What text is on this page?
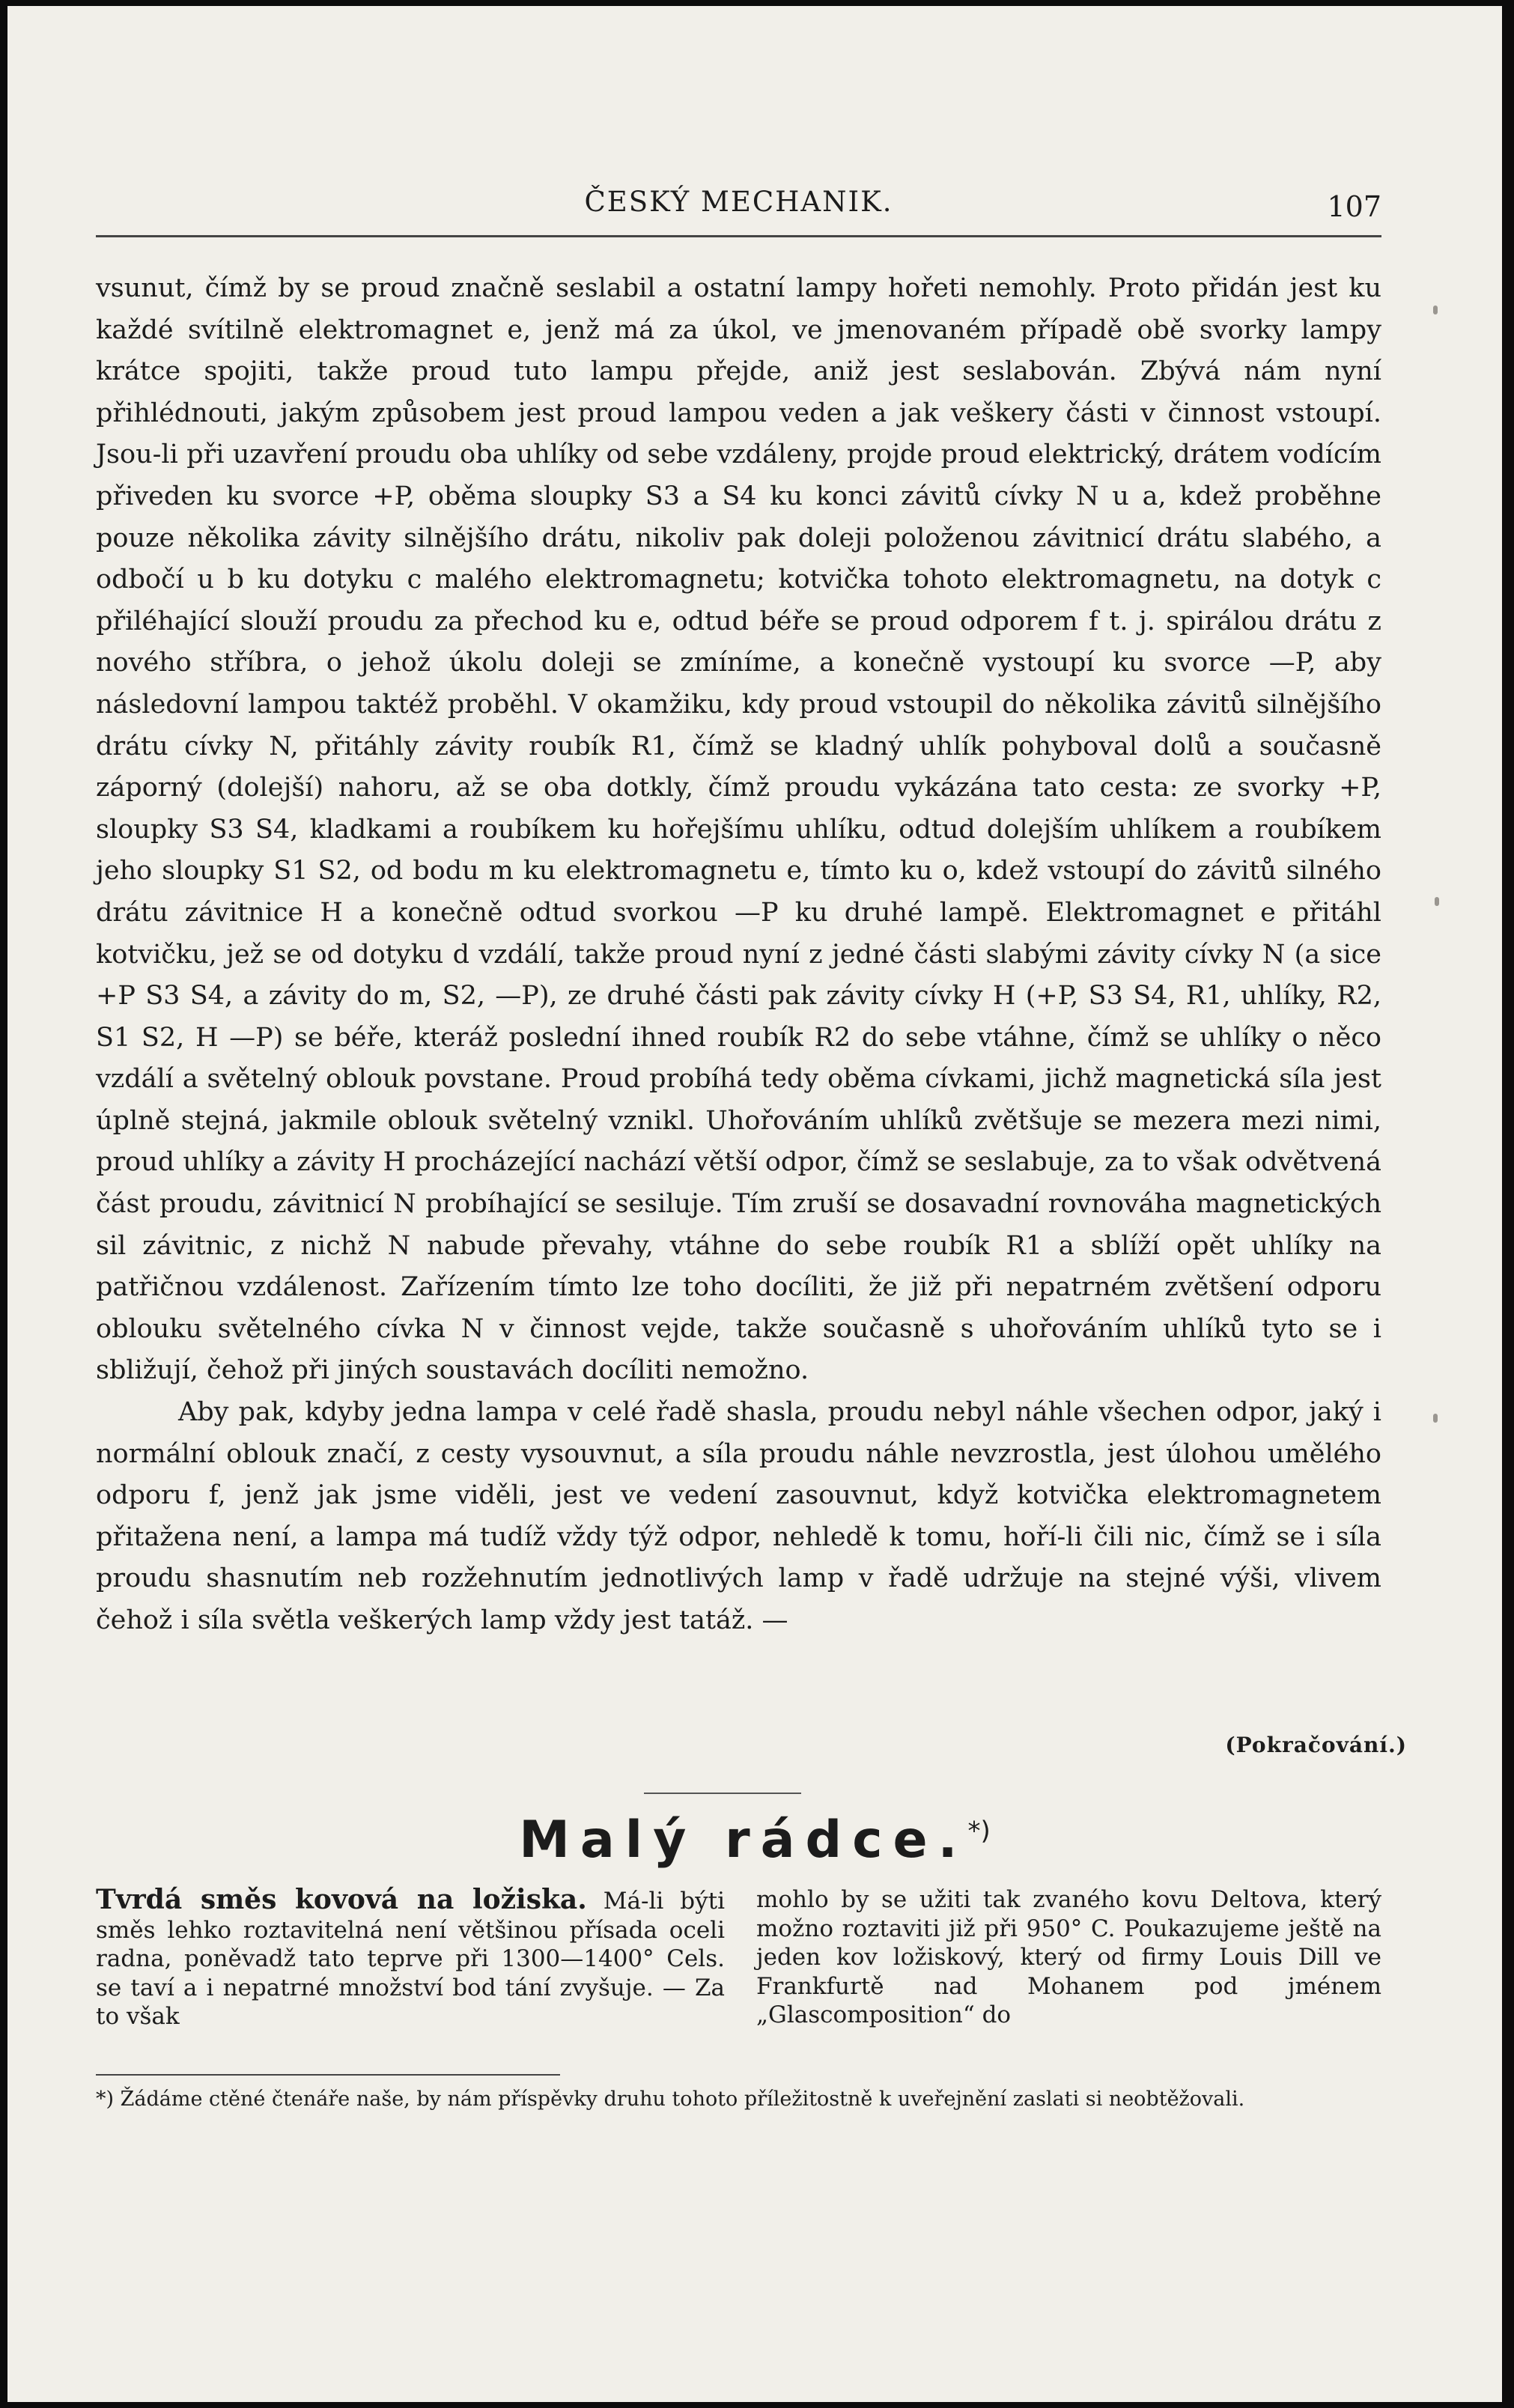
ČESKÝ MECHANIK.	107

vsunut, čímž by se proud značně seslabil a ostatní lampy hořeti nemohly. Proto přidán jest ku každé svítilně elektromagnet e, jenž má za úkol, ve jmenovaném případě obě svorky lampy krátce spojiti, takže proud tuto lampu přejde, aniž jest seslabován. Zbývá nám nyní přihlédnouti, jakým způsobem jest proud lampou veden a jak veškery části v činnost vstoupí. Jsou-li při uzavření proudu oba uhlíky od sebe vzdáleny, projde proud elektrický, drátem vodícím přiveden ku svorce +P, oběma sloupky S3 a S4 ku konci závitů cívky N u a, kdež proběhne pouze několika závity silnějšího drátu, nikoliv pak doleji položenou závitnicí drátu slabého, a odbočí u b ku dotyku c malého elektromagnetu; kotvička tohoto elektromagnetu, na dotyk c přiléhající slouží proudu za přechod ku e, odtud béře se proud odporem f t. j. spirálou drátu z nového stříbra, o jehož úkolu doleji se zmíníme, a konečně vystoupí ku svorce —P, aby následovní lampou taktéž proběhl. V okamžiku, kdy proud vstoupil do několika závitů silnějšího drátu cívky N, přitáhly závity roubík R1, čímž se kladný uhlík pohyboval dolů a současně záporný (dolejší) nahoru, až se oba dotkly, čímž proudu vykázána tato cesta: ze svorky +P, sloupky S3 S4, kladkami a roubíkem ku hořejšímu uhlíku, odtud dolejším uhlíkem a roubíkem jeho sloupky S1 S2, od bodu m ku elektromagnetu e, tímto ku o, kdež vstoupí do závitů silného drátu závitnice H a konečně odtud svorkou —P ku druhé lampě. Elektromagnet e přitáhl kotvičku, jež se od dotyku d vzdálí, takže proud nyní z jedné části slabými závity cívky N (a sice +P S3 S4, a závity do m, S2, —P), ze druhé části pak závity cívky H (+P, S3 S4, R1, uhlíky, R2, S1 S2, H —P) se béře, kteráž poslední ihned roubík R2 do sebe vtáhne, čímž se uhlíky o něco vzdálí a světelný oblouk povstane. Proud probíhá tedy oběma cívkami, jichž magnetická síla jest úplně stejná, jakmile oblouk světelný vznikl. Uhořováním uhlíků zvětšuje se mezera mezi nimi, proud uhlíky a závity H procházející nachází větší odpor, čímž se seslabuje, za to však odvětvená část proudu, závitnicí N probíhající se sesiluje. Tím zruší se dosavadní rovnováha magnetických sil závitnic, z nichž N nabude převahy, vtáhne do sebe roubík R1 a sblíží opět uhlíky na patřičnou vzdálenost. Zařízením tímto lze toho docíliti, že již při nepatrném zvětšení odporu oblouku světelného cívka N v činnost vejde, takže současně s uhořováním uhlíků tyto se i sbližují, čehož při jiných soustavách docíliti nemožno.

Aby pak, kdyby jedna lampa v celé řadě shasla, proudu nebyl náhle všechen odpor, jaký i normální oblouk značí, z cesty vysouvnut, a síla proudu náhle nevzrostla, jest úlohou umělého odporu f, jenž jak jsme viděli, jest ve vedení zasouvnut, když kotvička elektromagnetem přitažena není, a lampa má tudíž vždy týž odpor, nehledě k tomu, hoří-li čili nic, čímž se i síla proudu shasnutím neb rozžehnutím jednotlivých lamp v řadě udržuje na stejné výši, vlivem čehož i síla světla veškerých lamp vždy jest tatáž. —

(Pokračování.)
Malý rádce.*)
Tvrdá směs kovová na ložiska. Má-li býti směs lehko roztavitelná není většinou přísada oceli radna, poněvadž tato teprve při 1300—1400° Cels. se taví a i nepatrné množství bod tání zvyšuje. — Za to však
mohlo by se užiti tak zvaného kovu Deltova, který možno roztaviti již při 950° C. Poukazujeme ještě na jeden kov ložiskový, který od firmy Louis Dill ve Frankfurtě nad Mohanem pod jménem „Glascomposition“ do
*) Žádáme ctěné čtenáře naše, by nám příspěvky druhu tohoto příležitostně k uveřejnění zaslati si neobtěžovali.
